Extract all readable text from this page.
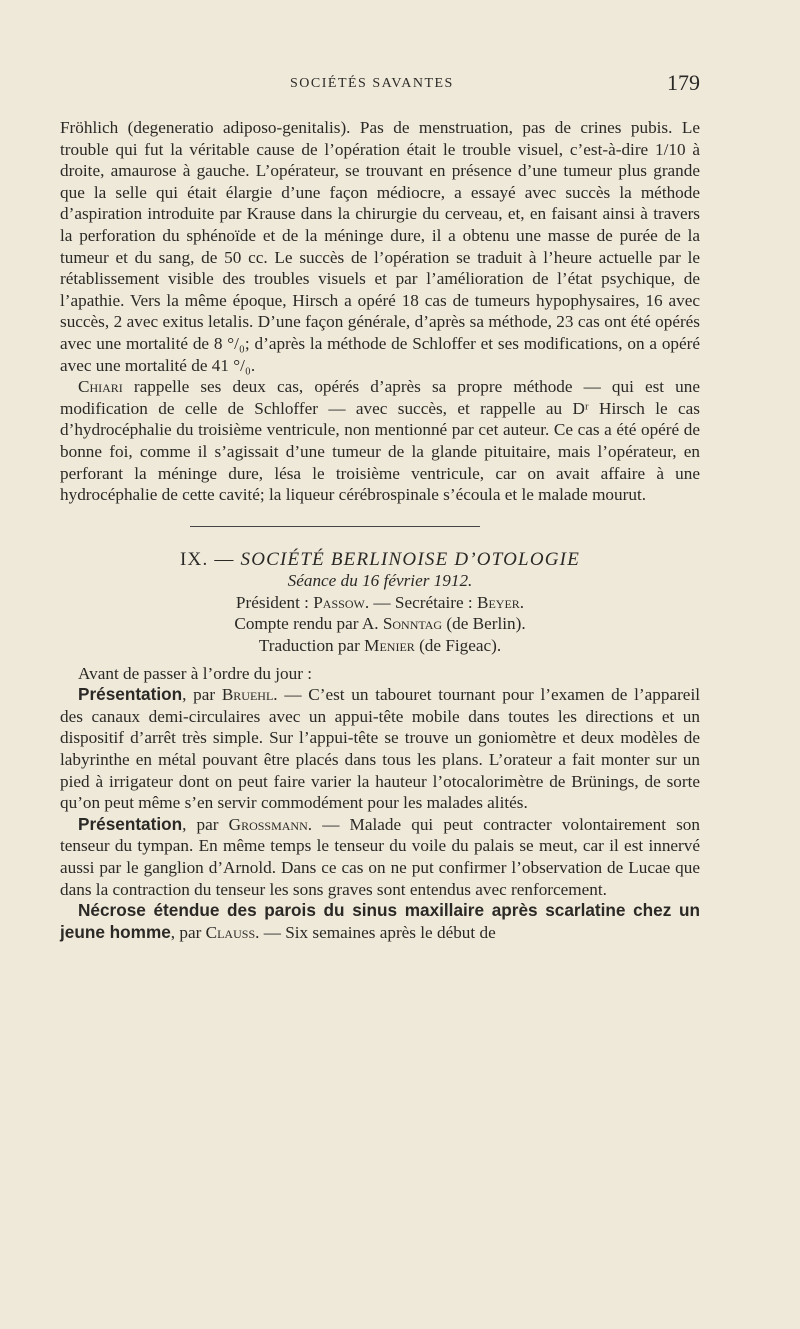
SOCIÉTÉS SAVANTES	179

Fröhlich (degeneratio adiposo-genitalis). Pas de menstruation, pas de crines pubis. Le trouble qui fut la véritable cause de l’opération était le trouble visuel, c’est-à-dire 1/10 à droite, amaurose à gauche. L’opérateur, se trouvant en présence d’une tumeur plus grande que la selle qui était élargie d’une façon médiocre, a essayé avec succès la méthode d’aspiration introduite par Krause dans la chirurgie du cerveau, et, en faisant ainsi à travers la perforation du sphénoïde et de la méninge dure, il a obtenu une masse de purée de la tumeur et du sang, de 50 cc. Le succès de l’opération se traduit à l’heure actuelle par le rétablissement visible des troubles visuels et par l’amélioration de l’état psychique, de l’apathie. Vers la même époque, Hirsch a opéré 18 cas de tumeurs hypophysaires, 16 avec succès, 2 avec exitus letalis. D’une façon générale, d’après sa méthode, 23 cas ont été opérés avec une mortalité de 8 °/₀; d’après la méthode de Schloffer et ses modifications, on a opéré avec une mortalité de 41 °/₀.

Chiari rappelle ses deux cas, opérés d’après sa propre méthode — qui est une modification de celle de Schloffer — avec succès, et rappelle au Dʳ Hirsch le cas d’hydrocéphalie du troisième ventricule, non mentionné par cet auteur. Ce cas a été opéré de bonne foi, comme il s’agissait d’une tumeur de la glande pituitaire, mais l’opérateur, en perforant la méninge dure, lésa le troisième ventricule, car on avait affaire à une hydrocéphalie de cette cavité; la liqueur cérébrospinale s’écoula et le malade mourut.

IX. — SOCIÉTÉ BERLINOISE D’OTOLOGIE

Séance du 16 février 1912.

Président : Passow. — Secrétaire : Beyer.

Compte rendu par A. Sonntag (de Berlin).

Traduction par Menier (de Figeac).

Avant de passer à l’ordre du jour :

Présentation, par Bruehl. — C’est un tabouret tournant pour l’examen de l’appareil des canaux demi-circulaires avec un appui-tête mobile dans toutes les directions et un dispositif d’arrêt très simple. Sur l’appui-tête se trouve un goniomètre et deux modèles de labyrinthe en métal pouvant être placés dans tous les plans. L’orateur a fait monter sur un pied à irrigateur dont on peut faire varier la hauteur l’otocalorimètre de Brünings, de sorte qu’on peut même s’en servir commodément pour les malades alités.

Présentation, par Grossmann. — Malade qui peut contracter volontairement son tenseur du tympan. En même temps le tenseur du voile du palais se meut, car il est innervé aussi par le ganglion d’Arnold. Dans ce cas on ne put confirmer l’observation de Lucae que dans la contraction du tenseur les sons graves sont entendus avec renforcement.

Nécrose étendue des parois du sinus maxillaire après scarlatine chez un jeune homme, par Clauss. — Six semaines après le début de
